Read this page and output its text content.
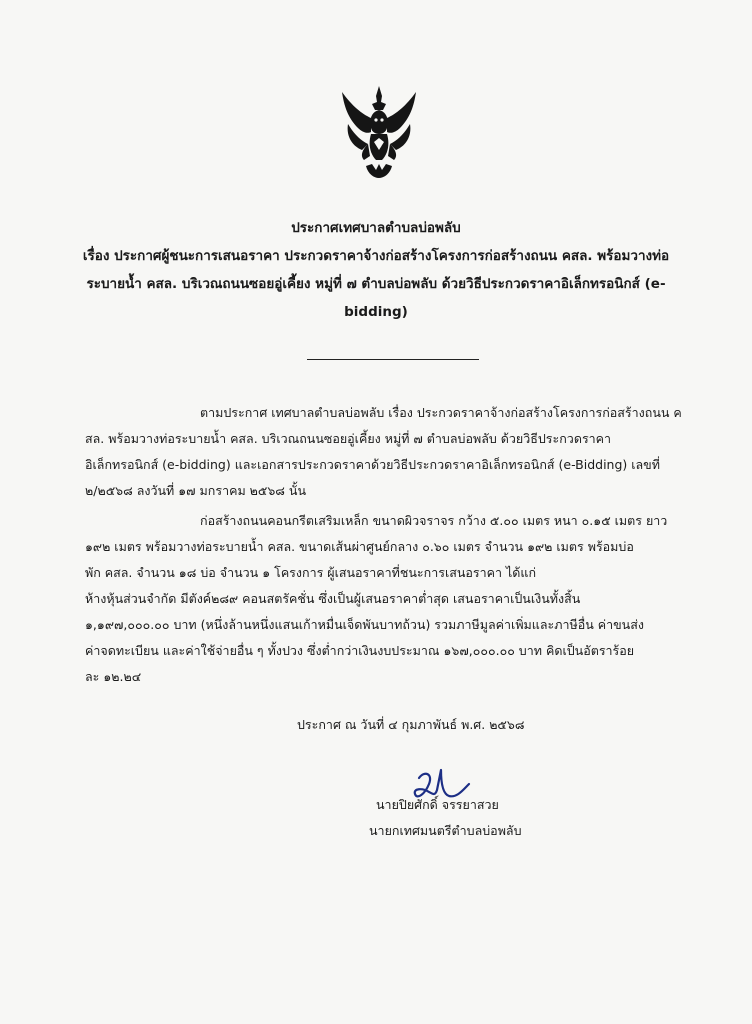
ประกาศเทศบาลตำบลบ่อพลับ
เรื่อง ประกาศผู้ชนะการเสนอราคา ประกวดราคาจ้างก่อสร้างโครงการก่อสร้างถนน คสล. พร้อมวางท่อ
ระบายน้ำ คสล. บริเวณถนนซอยอู่เคี้ยง หมู่ที่ ๗ ตำบลบ่อพลับ ด้วยวิธีประกวดราคาอิเล็กทรอนิกส์ (e-
bidding)
ตามประกาศ เทศบาลตำบลบ่อพลับ เรื่อง ประกวดราคาจ้างก่อสร้างโครงการก่อสร้างถนน ค
สล. พร้อมวางท่อระบายน้ำ คสล. บริเวณถนนซอยอู่เคี้ยง หมู่ที่ ๗ ตำบลบ่อพลับ ด้วยวิธีประกวดราคา
อิเล็กทรอนิกส์ (e-bidding) และเอกสารประกวดราคาด้วยวิธีประกวดราคาอิเล็กทรอนิกส์ (e-Bidding) เลขที่
๒/๒๕๖๘ ลงวันที่ ๑๗ มกราคม ๒๕๖๘ นั้น
ก่อสร้างถนนคอนกรีตเสริมเหล็ก ขนาดผิวจราจร กว้าง ๕.๐๐ เมตร หนา ๐.๑๕ เมตร ยาว
๑๙๒ เมตร พร้อมวางท่อระบายน้ำ คสล. ขนาดเส้นผ่าศูนย์กลาง ๐.๖๐ เมตร จำนวน ๑๙๒ เมตร พร้อมบ่อ
พัก คสล. จำนวน ๑๘ บ่อ จำนวน ๑ โครงการ ผู้เสนอราคาที่ชนะการเสนอราคา ได้แก่
ห้างหุ้นส่วนจำกัด มีตังค์๒๘๙ คอนสตรัคชั่น ซึ่งเป็นผู้เสนอราคาต่ำสุด เสนอราคาเป็นเงินทั้งสิ้น
๑,๑๙๗,๐๐๐.๐๐ บาท (หนึ่งล้านหนึ่งแสนเก้าหมื่นเจ็ดพันบาทถ้วน) รวมภาษีมูลค่าเพิ่มและภาษีอื่น ค่าขนส่ง
ค่าจดทะเบียน และค่าใช้จ่ายอื่น ๆ ทั้งปวง ซึ่งต่ำกว่าเงินงบประมาณ ๑๖๗,๐๐๐.๐๐ บาท คิดเป็นอัตราร้อย
ละ ๑๒.๒๔
ประกาศ ณ วันที่ ๔ กุมภาพันธ์ พ.ศ. ๒๕๖๘
นายปิยศักดิ์ จรรยาสวย
นายกเทศมนตรีตำบลบ่อพลับ
